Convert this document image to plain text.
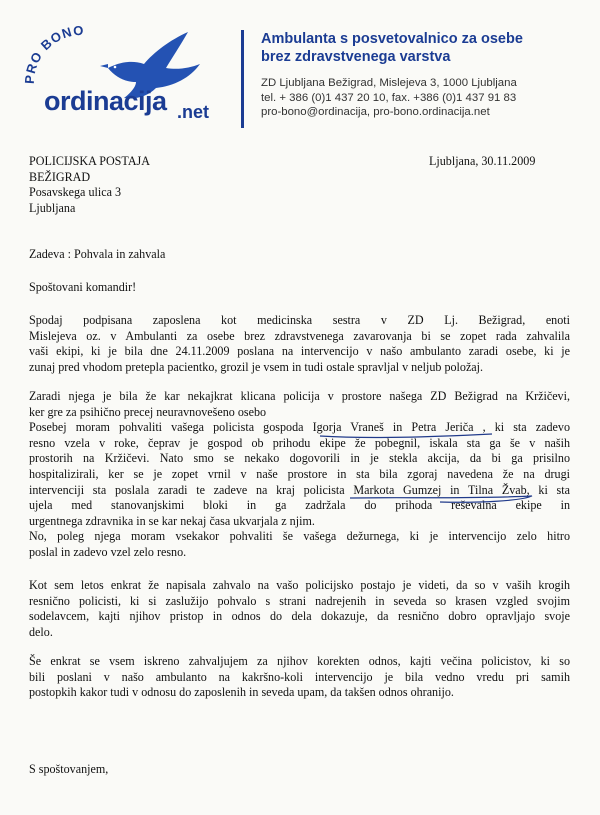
PRO BONO
ordinacija .net
Ambulanta s posvetovalnico za osebe
brez zdravstvenega varstva
ZD Ljubljana Bežigrad, Mislejeva 3, 1000 Ljubljana
tel. + 386 (0)1 437 20 10, fax. +386 (0)1 437 91 83
pro-bono@ordinacija, pro-bono.ordinacija.net
POLICIJSKA POSTAJA
BEŽIGRAD
Posavskega ulica 3
Ljubljana
Ljubljana, 30.11.2009
Zadeva : Pohvala in zahvala
Spoštovani komandir!
Spodaj podpisana zaposlena kot medicinska sestra v ZD Lj. Bežigrad, enoti
Mislejeva oz. v Ambulanti za osebe brez zdravstvenega zavarovanja bi se zopet rada zahvalila
vaši ekipi, ki je bila dne 24.11.2009 poslana na intervencijo v našo ambulanto zaradi osebe, ki je
zunaj pred vhodom pretepla pacientko, grozil je vsem in tudi ostale spravljal v neljub položaj.
Zaradi njega je bila že kar nekajkrat klicana policija v prostore našega ZD Bežigrad na Kržičevi,
ker gre za psihično precej neuravnovešeno osebo
Posebej moram pohvaliti vašega policista gospoda Igorja Vraneš in Petra Jeriča , ki sta zadevo
resno vzela v roke, čeprav je gospod ob prihodu ekipe že pobegnil, iskala sta ga še v naših
prostorih na Kržičevi. Nato smo se nekako dogovorili in je stekla akcija, da bi ga prisilno
hospitalizirali, ker se je zopet vrnil v naše prostore in sta bila zgoraj navedena že na drugi
intervenciji sta poslala zaradi te zadeve na kraj policista Markota Gumzej in Tilna Žvab, ki sta
ujela med stanovanjskimi bloki in ga zadržala do prihoda reševalna ekipe in
urgentnega zdravnika in se kar nekaj časa ukvarjala z njim.
No, poleg njega moram vsekakor pohvaliti še vašega dežurnega, ki je intervencijo zelo hitro
poslal in zadevo vzel zelo resno.
Kot sem letos enkrat že napisala zahvalo na vašo policijsko postajo je videti, da so v vaših krogih
resnično policisti, ki si zaslužijo pohvalo s strani nadrejenih in seveda so krasen vzgled svojim
sodelavcem, kajti njihov pristop in odnos do dela dokazuje, da resnično dobro opravljajo svoje
delo.
Še enkrat se vsem iskreno zahvaljujem za njihov korekten odnos, kajti večina policistov, ki so
bili poslani v našo ambulanto na kakršno-koli intervencijo je bila vedno vredu pri samih
postopkih kakor tudi v odnosu do zaposlenih in seveda upam, da takšen odnos ohranijo.
S spoštovanjem,
